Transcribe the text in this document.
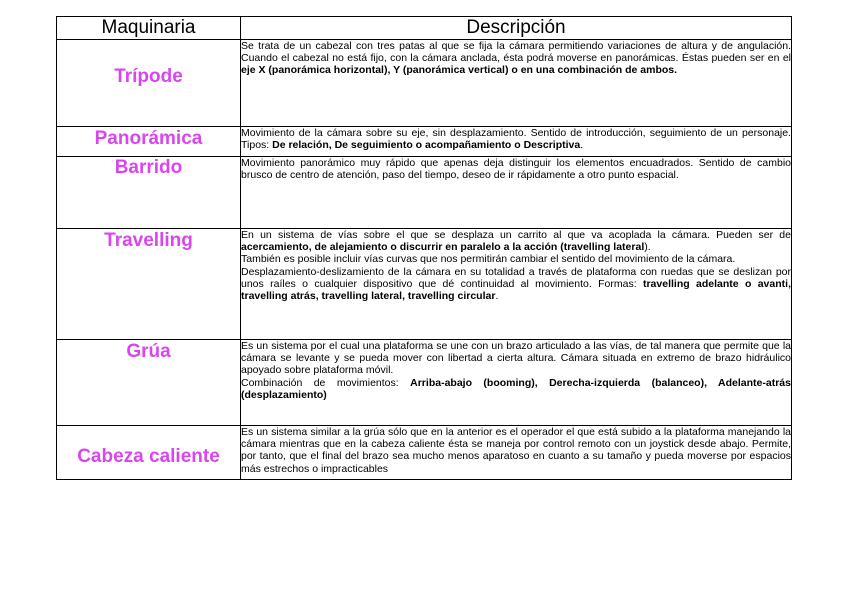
Maquinaria	Descripción

Trípode	Se trata de un cabezal con tres patas al que se fija la cámara permitiendo variaciones de altura y de angulación. Cuando el cabezal no está fijo, con la cámara anclada, ésta podrá moverse en panorámicas. Éstas pueden ser en el eje X (panorámica horizontal), Y (panorámica vertical) o en una combinación de ambos.

Panorámica	Movimiento de la cámara sobre su eje, sin desplazamiento. Sentido de introducción, seguimiento de un personaje. Tipos: De relación, De seguimiento o acompañamiento o Descriptiva.

Barrido	Movimiento panorámico muy rápido que apenas deja distinguir los elementos encuadrados. Sentido de cambio brusco de centro de atención, paso del tiempo, deseo de ir rápidamente a otro punto espacial.

Travelling	En un sistema de vías sobre el que se desplaza un carrito al que va acoplada la cámara. Pueden ser de acercamiento, de alejamiento o discurrir en paralelo a la acción (travelling lateral).
También es posible incluir vías curvas que nos permitirán cambiar el sentido del movimiento de la cámara.
Desplazamiento-deslizamiento de la cámara en su totalidad a través de plataforma con ruedas que se deslizan por unos raíles o cualquier dispositivo que dé continuidad al movimiento. Formas: travelling adelante o avanti, travelling atrás, travelling lateral, travelling circular.

Grúa	Es un sistema por el cual una plataforma se une con un brazo articulado a las vías, de tal manera que permite que la cámara se levante y se pueda mover con libertad a cierta altura. Cámara situada en extremo de brazo hidráulico apoyado sobre plataforma móvil.
Combinación de movimientos: Arriba-abajo (booming), Derecha-izquierda (balanceo), Adelante-atrás (desplazamiento)

Cabeza caliente	Es un sistema similar a la grúa sólo que en la anterior es el operador el que está subido a la plataforma manejando la cámara mientras que en la cabeza caliente ésta se maneja por control remoto con un joystick desde abajo. Permite, por tanto, que el final del brazo sea mucho menos aparatoso en cuanto a su tamaño y pueda moverse por espacios más estrechos o impracticables
